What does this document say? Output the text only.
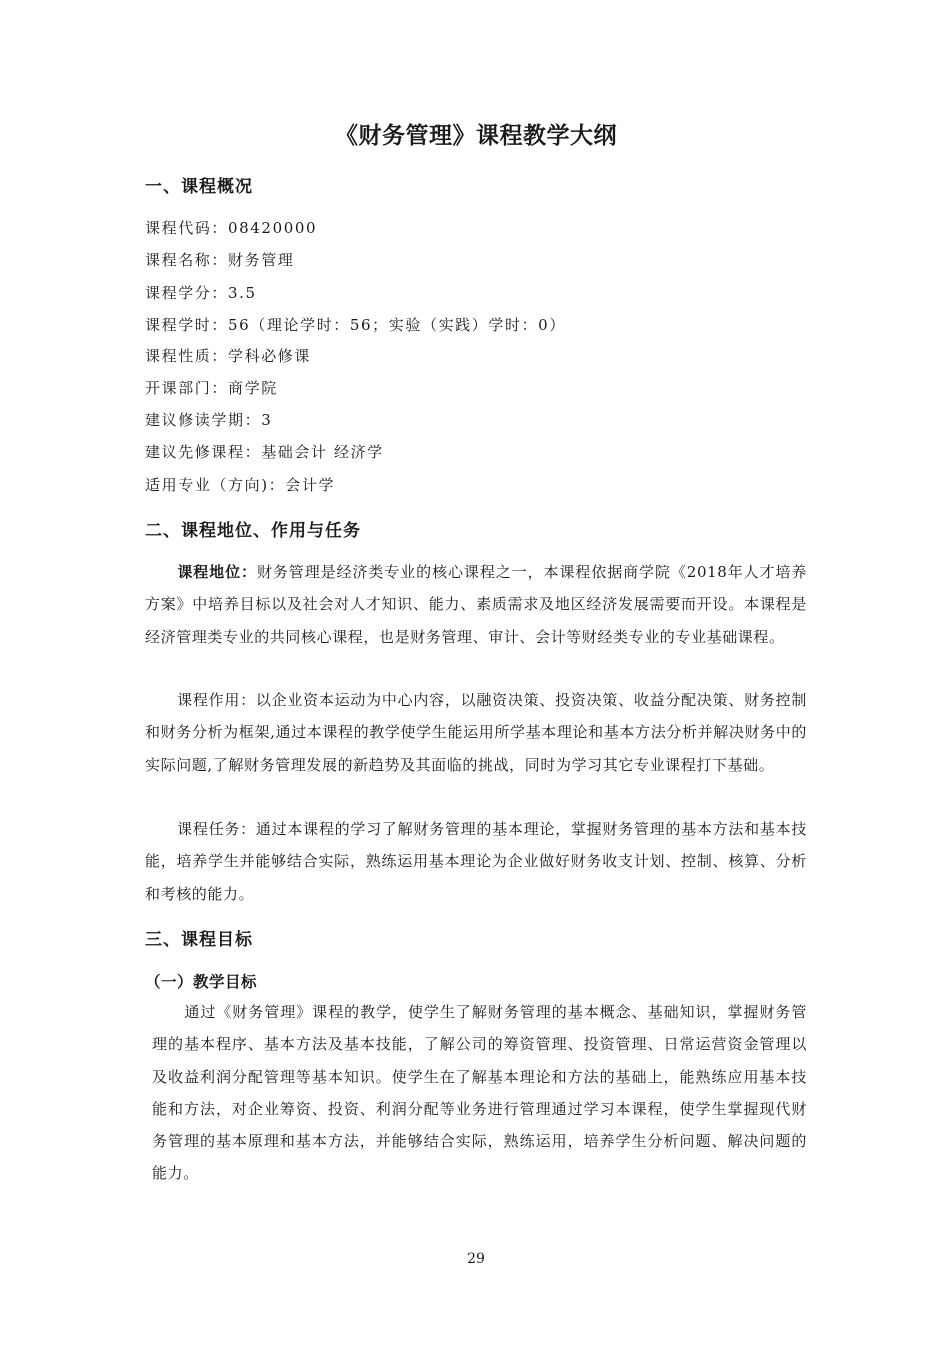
《财务管理》课程教学大纲
一、课程概况
课程代码：08420000
课程名称：财务管理
课程学分：3.5
课程学时：56（理论学时：56；实验（实践）学时：0）
课程性质：学科必修课
开课部门：商学院
建议修读学期：3
建议先修课程：基础会计 经济学
适用专业（方向)：会计学
二、课程地位、作用与任务
课程地位：财务管理是经济类专业的核心课程之一，本课程依据商学院《2018年人才培养方案》中培养目标以及社会对人才知识、能力、素质需求及地区经济发展需要而开设。本课程是经济管理类专业的共同核心课程，也是财务管理、审计、会计等财经类专业的专业基础课程。
课程作用：以企业资本运动为中心内容，以融资决策、投资决策、收益分配决策、财务控制和财务分析为框架,通过本课程的教学使学生能运用所学基本理论和基本方法分析并解决财务中的实际问题,了解财务管理发展的新趋势及其面临的挑战，同时为学习其它专业课程打下基础。
课程任务：通过本课程的学习了解财务管理的基本理论，掌握财务管理的基本方法和基本技能，培养学生并能够结合实际，熟练运用基本理论为企业做好财务收支计划、控制、核算、分析和考核的能力。
三、课程目标
（一）教学目标
通过《财务管理》课程的教学，使学生了解财务管理的基本概念、基础知识，掌握财务管理的基本程序、基本方法及基本技能，了解公司的筹资管理、投资管理、日常运营资金管理以及收益利润分配管理等基本知识。使学生在了解基本理论和方法的基础上，能熟练应用基本技能和方法，对企业筹资、投资、利润分配等业务进行管理通过学习本课程，使学生掌握现代财务管理的基本原理和基本方法，并能够结合实际，熟练运用，培养学生分析问题、解决问题的能力。
29
